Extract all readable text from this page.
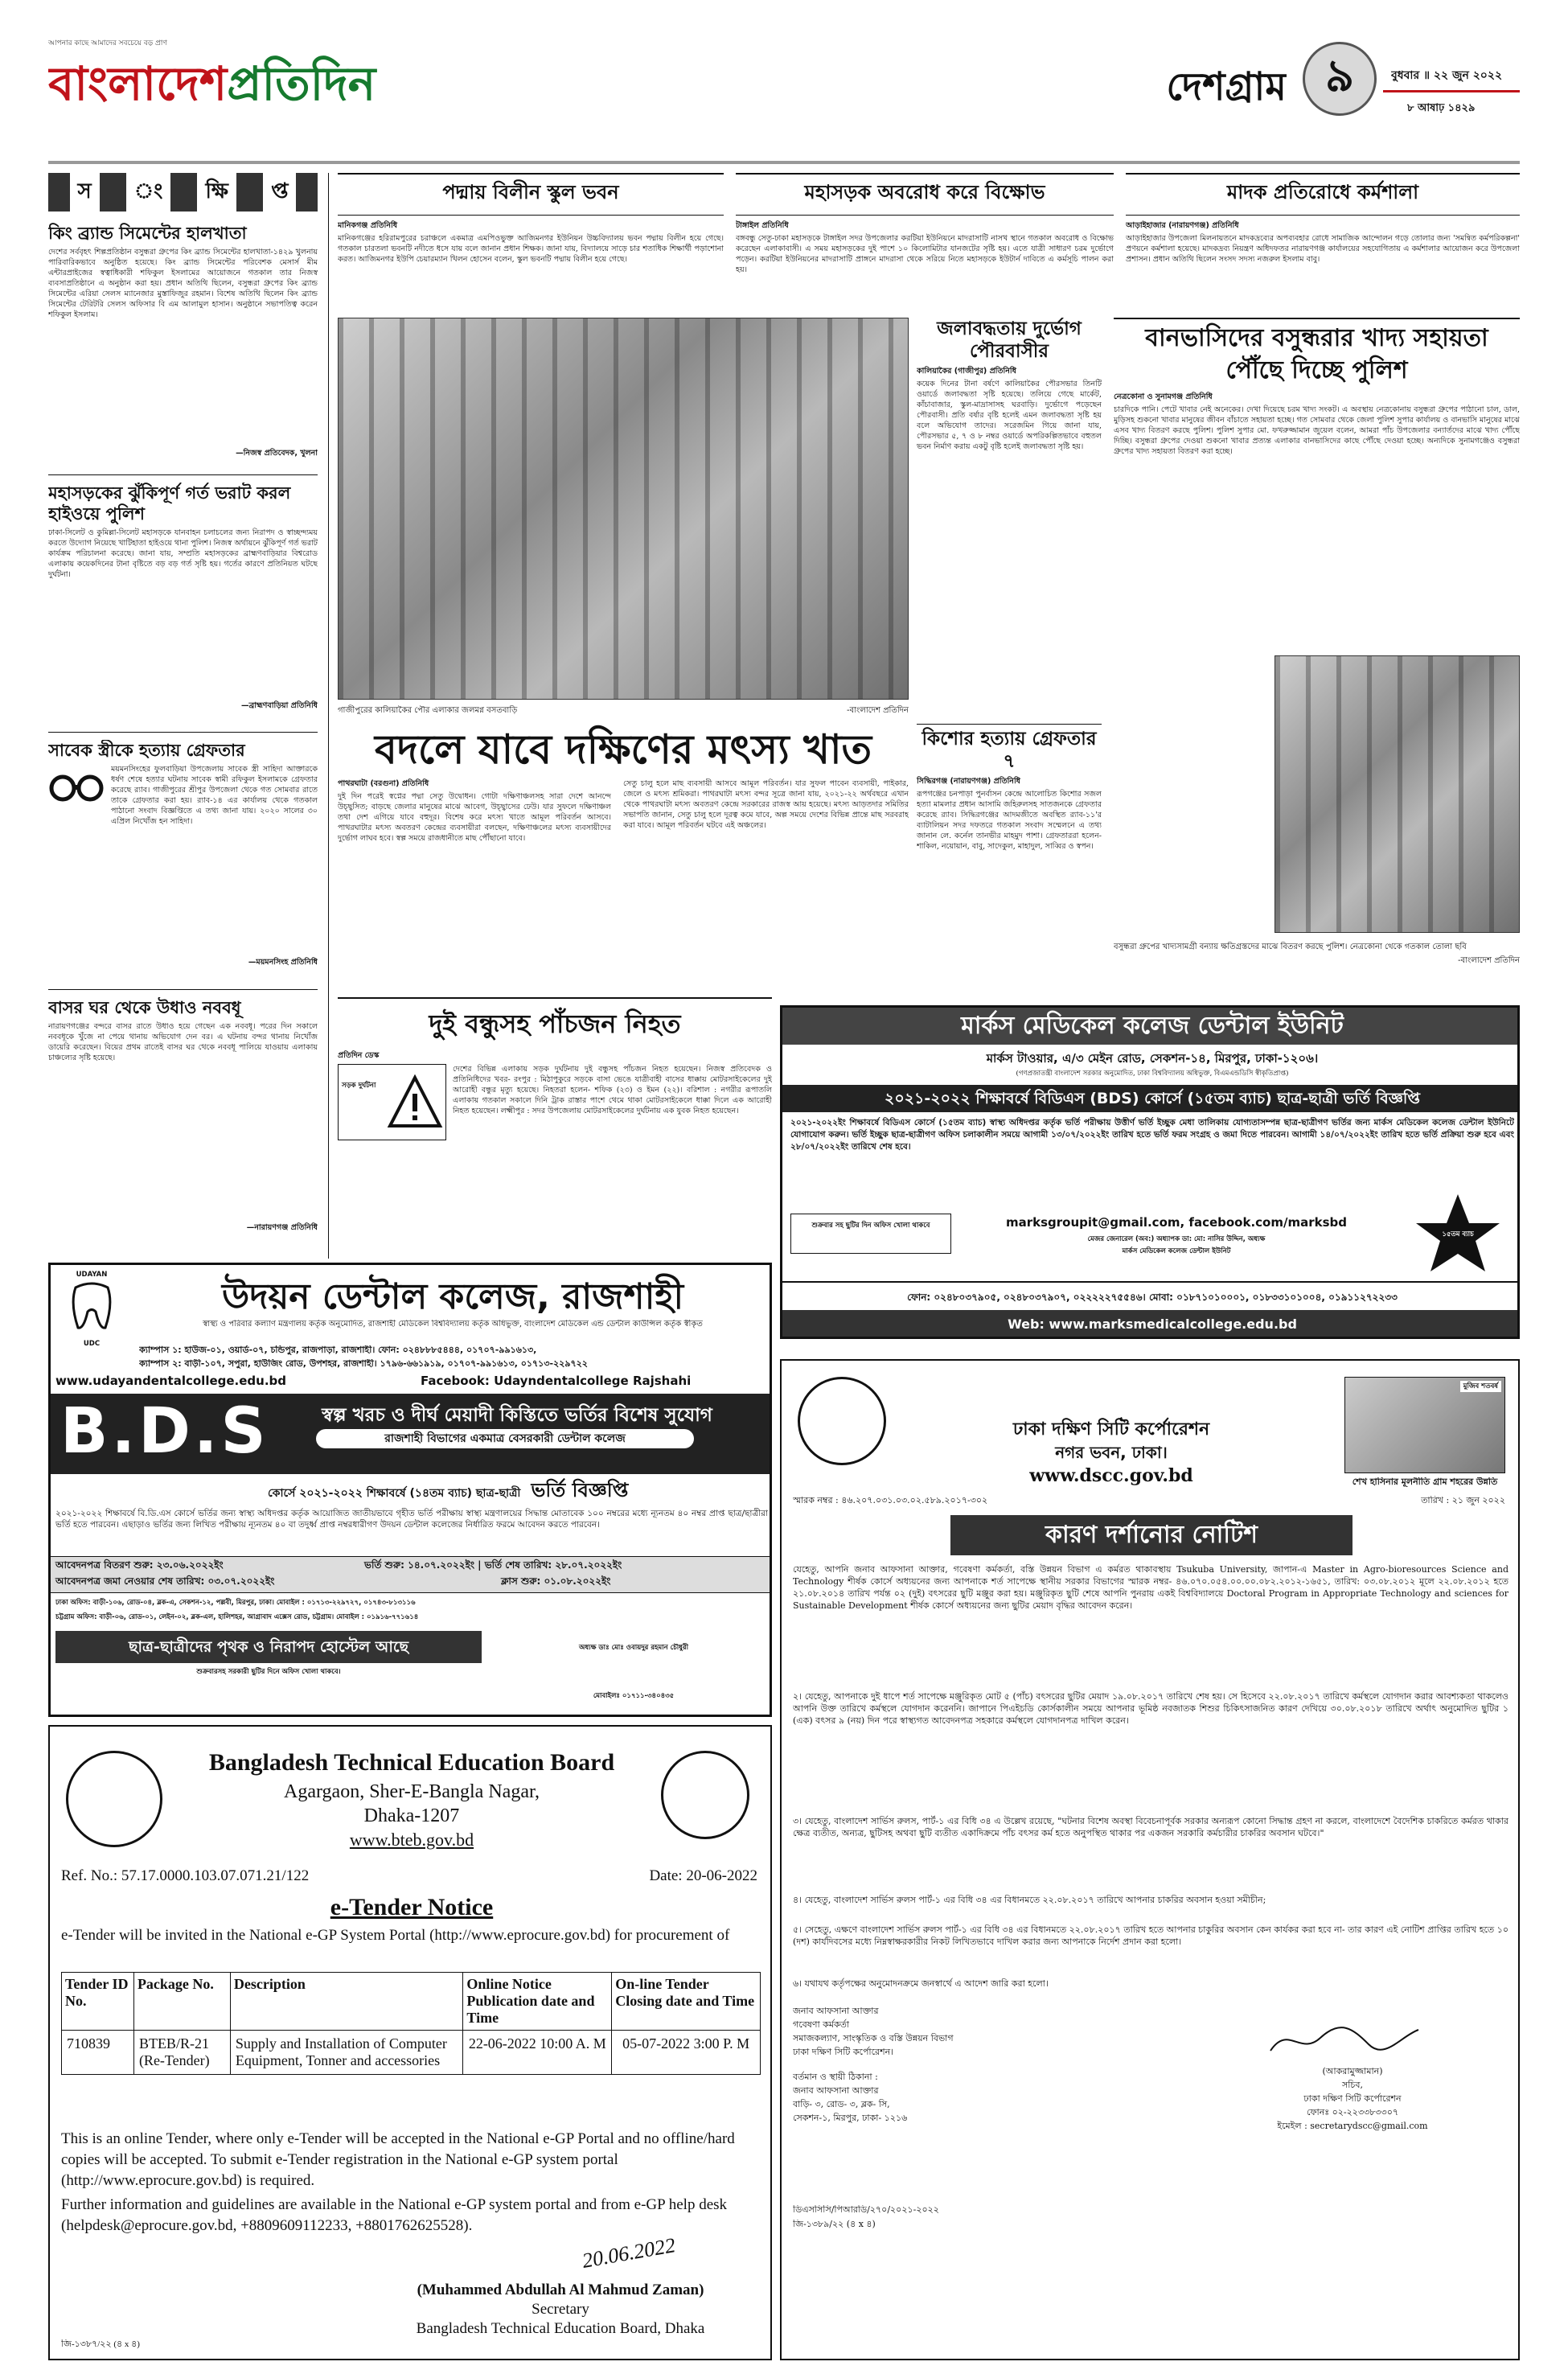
আপনার কাছে আমাদের সবচেয়ে বড় প্রাণ
বাংলাদেশপ্রতিদিন	দেশগ্রাম ৯	বুধবার ॥ ২২ জুন ২০২২
৮ আষাঢ় ১৪২৯
স	ং	ক্ষি	প্ত
কিং ব্র্যান্ড সিমেন্টের হালখাতা
দেশের সর্ববৃহৎ শিল্পপ্রতিষ্ঠান বসুন্ধরা গ্রুপের কিং ব্র্যান্ড সিমেন্টের হালখাতা-১৪২৯ খুলনায় পারিবারিকভাবে অনুষ্ঠিত হয়েছে। কিং ব্র্যান্ড সিমেন্টের পরিবেশক মেসার্স মীম এন্টারপ্রাইজের স্বত্বাধিকারী শফিকুল ইসলামের আয়োজনে গতকাল তার নিজস্ব ব্যবসাপ্রতিষ্ঠানে এ অনুষ্ঠান করা হয়। প্রধান অতিথি ছিলেন, বসুন্ধরা গ্রুপের কিং ব্র্যান্ড সিমেন্টের এরিয়া সেলস ম্যানেজার মুস্তাফিজুর রহমান। বিশেষ অতিথি ছিলেন কিং ব্র্যান্ড সিমেন্টের টেরিটরি সেলস অফিসার বি এম আলামুল হাসান। অনুষ্ঠানে সভাপতিত্ব করেন শফিকুল ইসলাম।
—নিজস্ব প্রতিবেদক, খুলনা
মহাসড়কের ঝুঁকিপূর্ণ গর্ত ভরাট করল হাইওয়ে পুলিশ
ঢাকা-সিলেট ও কুমিল্লা-সিলেট মহাসড়কে যানবাহন চলাচলের জন্য নিরাপদ ও স্বাচ্ছন্দ্যময় করতে উদ্যোগ নিয়েছে খাটিহাতা হাইওয়ে থানা পুলিশ। নিজস্ব অর্থায়নে ঝুঁকিপূর্ণ গর্ত ভরাট কার্যক্রম পরিচালনা করেছে। জানা যায়, সম্প্রতি মহাসড়কের ব্রাহ্মণবাড়িয়ার বিশ্বরোড এলাকায় কয়েকদিনের টানা বৃষ্টিতে বড় বড় গর্ত সৃষ্টি হয়। গর্তের কারণে প্রতিনিয়ত ঘটছে দুর্ঘটনা।
—ব্রাহ্মণবাড়িয়া প্রতিনিধি
সাবেক স্ত্রীকে হত্যায় গ্রেফতার
ময়মনসিংহের ফুলবাড়িয়া উপজেলায় সাবেক স্ত্রী সাহিদা আক্তারকে ধর্ষণ শেষে হত্যার ঘটনায় সাবেক স্বামী রফিকুল ইসলামকে গ্রেফতার করেছে র‌্যাব। গাজীপুরের শ্রীপুর উপজেলা থেকে গত সোমবার রাতে তাকে গ্রেফতার করা হয়। র‌্যাব-১৪ এর কার্যালয় থেকে গতকাল পাঠানো সংবাদ বিজ্ঞপ্তিতে এ তথ্য জানা যায়। ২০২০ সালের ৩০ এপ্রিল নিখোঁজ হন সাহিদা।
—ময়মনসিংহ প্রতিনিধি
বাসর ঘর থেকে উধাও নববধূ
নারায়ণগঞ্জের বন্দরে বাসর রাতে উধাও হয়ে গেছেন এক নববধূ। পরের দিন সকালে নববধূকে খুঁজে না পেয়ে থানায় অভিযোগ দেন বর। এ ঘটনায় বন্দর থানায় নিখোঁজ ডায়েরি করেছেন। বিয়ের প্রথম রাতেই বাসর ঘর থেকে নববধূ পালিয়ে যাওয়ায় এলাকায় চাঞ্চল্যের সৃষ্টি হয়েছে।
—নারায়ণগঞ্জ প্রতিনিধি
পদ্মায় বিলীন স্কুল ভবন
মানিকগঞ্জ প্রতিনিধি
মানিকগঞ্জের হরিরামপুরের চরাঞ্চলে একমাত্র এমপিওভুক্ত আজিমনগর ইউনিয়ন উচ্চবিদ্যালয় ভবন পদ্মায় বিলীন হয়ে গেছে। গতকাল চারতলা ভবনটি নদীতে ধসে যায় বলে জানান প্রধান শিক্ষক। জানা যায়, বিদ্যালয়ে সাড়ে চার শতাধিক শিক্ষার্থী পড়াশোনা করত। আজিমনগর ইউপি চেয়ারম্যান খিলন হোসেন বলেন, স্কুল ভবনটি পদ্মায় বিলীন হয়ে গেছে।
মহাসড়ক অবরোধ করে বিক্ষোভ
টাঙ্গাইল প্রতিনিধি
বঙ্গবন্ধু সেতু-ঢাকা মহাসড়কে টাঙ্গাইল সদর উপজেলার করটিয়া ইউনিয়নে মাদরাসাটি নাসখ স্থানে গতকাল অবরোধ ও বিক্ষোভ করেছেন এলাকাবাসী। এ সময় মহাসড়কের দুই পাশে ১০ কিলোমিটার যানজটের সৃষ্টি হয়। এতে যাত্রী সাধারণ চরম দুর্ভোগে পড়েন। করটিয়া ইউনিয়নের মাদরাসাটি প্রাঙ্গনে মাদরাসা থেকে সরিয়ে নিতে মহাসড়কে ইউটার্ন দাবিতে এ কর্মসূচি পালন করা হয়।
মাদক প্রতিরোধে কর্মশালা
আড়াইহাজার (নারায়ণগঞ্জ) প্রতিনিধি
আড়াইহাজার উপজেলা মিলনায়তনে মাদকদ্রব্যের অপব্যবহার রোধে সামাজিক আন্দোলন গড়ে তোলার জন্য 'সমন্বিত কর্মপরিকল্পনা' প্রণয়নে কর্মশালা হয়েছে। মাদকদ্রব্য নিয়ন্ত্রণ অধিদফতর নারায়ণগঞ্জ কার্যালয়ের সহযোগিতায় এ কর্মশালার আয়োজন করে উপজেলা প্রশাসন। প্রধান অতিথি ছিলেন সংসদ সদস্য নজরুল ইসলাম বাবু।
গাজীপুরের কালিয়াকৈর পৌর এলাকার জলমগ্ন বসতবাড়ি	-বাংলাদেশ প্রতিদিন
জলাবদ্ধতায় দুর্ভোগ পৌরবাসীর
কালিয়াকৈর (গাজীপুর) প্রতিনিধি
কয়েক দিনের টানা বর্ষণে কালিয়াকৈর পৌরসভার তিনটি ওয়ার্ডে জলাবদ্ধতা সৃষ্টি হয়েছে। তলিয়ে গেছে মার্কেট, কাঁচাবাজার, স্কুল-মাদ্রাসাসহ ঘরবাড়ি। দুর্ভোগে পড়েছেন পৌরবাসী। প্রতি বর্ষার বৃষ্টি হলেই এমন জলাবদ্ধতা সৃষ্টি হয় বলে অভিযোগ তাদের। সরেজমিন গিয়ে জানা যায়, পৌরসভার ৫, ৭ ও ৮ নম্বর ওয়ার্ডে অপরিকল্পিতভাবে বহুতল ভবন নির্মাণ করায় একটু বৃষ্টি হলেই জলাবদ্ধতা সৃষ্টি হয়।
কিশোর হত্যায় গ্রেফতার ৭
সিদ্ধিরগঞ্জ (নারায়ণগঞ্জ) প্রতিনিধি
রূপগঞ্জের চনপাড়া পুনর্বাসন কেন্দ্রে আলোচিত কিশোর সজল হত্যা মামলার প্রধান আসামি জহিরুলসহ সাতজনকে গ্রেফতার করেছে র‌্যাব। সিদ্ধিরগঞ্জের আদমজীতে অবস্থিত র‌্যাব-১১'র ব্যাটালিয়ন সদর দফতরে গতকাল সংবাদ সম্মেলনে এ তথ্য জানান লে. কর্নেল তানভীর মাহমুদ পাশা। গ্রেফতাররা হলেন- শাকিল, নয়োয়ান, বাবু, সাদেকুল, মাহাদুল, সাব্বির ও স্বপন।
বদলে যাবে দক্ষিণের মৎস্য খাত
পাথরঘাটা (বরগুনা) প্রতিনিধি
দুই দিন পরেই স্বপ্নের পদ্মা সেতু উদ্বোধন। গোটা দক্ষিণাঞ্চলসহ সারা দেশে আনন্দে উচ্ছ্বসিত; বাড়ছে জেলার মানুষের মাঝে আবেগ, উচ্ছ্বাসের ঢেউ। যার সুফলে দক্ষিণাঞ্চল তথা দেশ এগিয়ে যাবে বহুদূর। বিশেষ করে মৎস্য খাতে আমূল পরিবর্তন আসবে। পাথরঘাটার মৎস্য অবতরণ কেন্দ্রের ব্যবসায়ীরা বলছেন, দক্ষিণাঞ্চলের মৎস্য ব্যবসায়ীদের দুর্ভোগ লাঘব হবে। স্বল্প সময়ে রাজধানীতে মাছ পৌঁছানো যাবে।
সেতু চালু হলে মাছ ব্যবসায়ী আসবে আমূল পরিবর্তন। যার সুফল পাবেন ব্যবসায়ী, পাইকার, জেলে ও মৎস্য শ্রমিকরা। পাথরঘাটা মৎস্য বন্দর সূত্রে জানা যায়, ২০২১-২২ অর্থবছরে এখান থেকে পাথরঘাটা মৎস্য অবতরণ কেন্দ্রে সরকারের রাজস্ব আয় হয়েছে। মৎস্য আড়তদার সমিতির সভাপতি জানান, সেতু চালু হলে দূরত্ব কমে যাবে, অল্প সময়ে দেশের বিভিন্ন প্রান্তে মাছ সরবরাহ করা যাবে। আমূল পরিবর্তন ঘটবে এই অঞ্চলের।
দুই বন্ধুসহ পাঁচজন নিহত
প্রতিদিন ডেস্ক
সড়ক দুর্ঘটনা
দেশের বিভিন্ন এলাকায় সড়ক দুর্ঘটনায় দুই বন্ধুসহ পাঁচজন নিহত হয়েছেন। নিজস্ব প্রতিবেদক ও প্রতিনিধিদের খবর- রংপুর : মিঠাপুকুরে সড়কে বাসা ভেঙে যাত্রীবাহী বাসের ধাক্কায় মোটরসাইকেলের দুই আরোহী বন্ধুর মৃত্যু হয়েছে। নিহতরা হলেন- শফিক (২৩) ও ইমন (২২)। বরিশাল : নগরীর রূপাতলি এলাকায় গতকাল সকালে দিনি ট্রাক রাস্তার পাশে থেমে থাকা মোটরসাইকেলে ধাক্কা দিলে এক আরোহী নিহত হয়েছেন। লক্ষ্মীপুর : সদর উপজেলায় মোটরসাইকেলের দুর্ঘটনায় এক যুবক নিহত হয়েছেন।
বানভাসিদের বসুন্ধরার খাদ্য সহায়তা পৌঁছে দিচ্ছে পুলিশ
নেত্রকোনা ও সুনামগঞ্জ প্রতিনিধি
চারদিকে পানি। পেটে খাবার নেই অনেকের। দেখা দিয়েছে চরম খাদ্য সংকট। এ অবস্থায় নেত্রকোনায় বসুন্ধরা গ্রুপের পাঠানো চাল, ডাল, মুড়িসহ শুকনো খাবার মানুষের জীবন বাঁচাতে সহায়তা হচ্ছে। গত সোমবার থেকে জেলা পুলিশ সুপার কার্যালয় ও বানভাসি মানুষের মাঝে এসব খাদ্য বিতরণ করছে পুলিশ। পুলিশ সুপার মো. ফখরুজ্জামান জুয়েল বলেন, আমরা পাঁচ উপজেলার বন্যার্তদের মাঝে খাদ্য পৌঁছে দিচ্ছি। বসুন্ধরা গ্রুপের দেওয়া শুকনো খাবার প্রত্যন্ত এলাকার বানভাসিদের কাছে পৌঁছে দেওয়া হচ্ছে। অন্যদিকে সুনামগঞ্জেও বসুন্ধরা গ্রুপের খাদ্য সহায়তা বিতরণ করা হচ্ছে।
বসুন্ধরা গ্রুপের খাদ্যসামগ্রী বন্যায় ক্ষতিগ্রস্তদের মাঝে বিতরণ করছে পুলিশ। নেত্রকোনা থেকে গতকাল তোলা ছবি
-বাংলাদেশ প্রতিদিন
মার্কস মেডিকেল কলেজ ডেন্টাল ইউনিট
মার্কস টাওয়ার, এ/৩ মেইন রোড, সেকশন-১৪, মিরপুর, ঢাকা-১২০৬।
(গণপ্রজাতন্ত্রী বাংলাদেশ সরকার অনুমোদিত, ঢাকা বিশ্ববিদ্যালয় অধিভুক্ত, বিএমএন্ডডিসি স্বীকৃতিপ্রাপ্ত)
২০২১-২০২২ শিক্ষাবর্ষে বিডিএস (BDS) কোর্সে (১৫তম ব্যাচ) ছাত্র-ছাত্রী ভর্তি বিজ্ঞপ্তি
২০২১-২০২২ইং শিক্ষাবর্ষে বিডিএস কোর্সে (১৫তম ব্যাচ) স্বাস্থ্য অধিদপ্তর কর্তৃক ভর্তি পরীক্ষায় উত্তীর্ণ ভর্তি ইচ্ছুক মেধা তালিকায় যোগ্যতাসম্পন্ন ছাত্র-ছাত্রীগণ ভর্তির জন্য মার্কস মেডিকেল কলেজ ডেন্টাল ইউনিটে যোগাযোগ করুন। ভর্তি ইচ্ছুক ছাত্র-ছাত্রীগণ অফিস চলাকালীন সময়ে আগামী ১৩/০৭/২০২২ইং তারিখ হতে ভর্তি ফরম সংগ্রহ ও জমা দিতে পারবেন। আগামী ১৪/০৭/২০২২ইং তারিখ হতে ভর্তি প্রক্রিয়া শুরু হবে এবং ২৮/০৭/২০২২ইং তারিখে শেষ হবে।
শুক্রবার সহ ছুটির দিন অফিস খোলা থাকবে	marksgroupit@gmail.com, facebook.com/marksbd
মেজর জেনারেল (অব:) অধ্যাপক ডা: মো: নাসির উদ্দিন, অধ্যক্ষ
মার্কস মেডিকেল কলেজ ডেন্টাল ইউনিট
১৫তম ব্যাচ
ফোন: ০২৪৮০৩৭৯০৫, ০২৪৮০৩৭৯০৭, ০২২২২২৭৫৫৪৬। মোবা: ০১৮৭১০১০০০১, ০১৮৩৩১০১০০৪, ০১৯১১২৭২২৩৩
Web: www.marksmedicalcollege.edu.bd
UDAYAN
UDC
উদয়ন ডেন্টাল কলেজ, রাজশাহী
স্বাস্থ্য ও পরিবার কল্যাণ মন্ত্রণালয় কর্তৃক অনুমোদিত, রাজশাহী মেডিকেল বিশ্ববিদ্যালয় কর্তৃক অধিভুক্ত, বাংলাদেশ মেডিকেল এন্ড ডেন্টাল কাউন্সিল কর্তৃক স্বীকৃত
ক্যাম্পাস ১: হাউজ-০১, ওয়ার্ড-০৭, চন্ডিপুর, রাজপাড়া, রাজশাহী। ফোন: ০২৪৮৮৮৫৪৪৪, ০১৭০৭-৯৯১৬১৩,
ক্যাম্পাস ২: বাড়ী-১০৭, সপুরা, হাউজিং রোড, উপশহর, রাজশাহী। ১৭৯৬-৬৬১৯১৯, ০১৭০৭-৯৯১৬১৩, ০১৭১৩-২২৯৭২২
www.udayandentalcollege.edu.bd	Facebook: Udayndentalcollege Rajshahi
B.D.S	স্বল্প খরচ ও দীর্ঘ মেয়াদী কিস্তিতে ভর্তির বিশেষ সুযোগ
রাজশাহী বিভাগের একমাত্র বেসরকারী ডেন্টাল কলেজ
কোর্সে ২০২১-২০২২ শিক্ষাবর্ষে (১৪তম ব্যাচ) ছাত্র-ছাত্রী ভর্তি বিজ্ঞপ্তি
২০২১-২০২২ শিক্ষাবর্ষে বি.ডি.এস কোর্সে ভর্তির জন্য স্বাস্থ্য অধিদপ্তর কর্তৃক আয়োজিত জাতীয়ভাবে গৃহীত ভর্তি পরীক্ষায় স্বাস্থ্য মন্ত্রণালয়ের সিদ্ধান্ত মোতাবেক ১০০ নম্বরের মধ্যে ন্যূনতম ৪০ নম্বর প্রাপ্ত ছাত্র/ছাত্রীরা ভর্তি হতে পারবেন। এছাড়াও ভর্তির জন্য লিখিত পরীক্ষায় ন্যূনতম ৪০ বা তদুর্ধ্ব প্রাপ্ত নম্বরধারীগণ উদয়ন ডেন্টাল কলেজের নির্ধারিত ফরমে আবেদন করতে পারবেন।
আবেদনপত্র বিতরণ শুরু: ২৩.০৬.২০২২ইং	ভর্তি শুরু: ১৪.০৭.২০২২ইং | ভর্তি শেষ তারিখ: ২৮.০৭.২০২২ইং
আবেদনপত্র জমা নেওয়ার শেষ তারিখ: ০৩.০৭.২০২২ইং	ক্লাস শুরু: ০১.০৮.২০২২ইং
ঢাকা অফিস: বাড়ী-১০৬, রোড-০৪, ব্লক-এ, সেকশন-১২, পল্লবী, মিরপুর, ঢাকা। মোবাইল : ০১৭১৩-২২৯৭২৭, ০১৭৪৩-৮১৩১১৬
চট্টগ্রাম অফিস: বাড়ী-০৬, রোড-০১, লেইন-০২, ব্লক-এল, হালিশহর, আগ্রাবাদ এক্সেস রোড, চট্টগ্রাম। মোবাইল : ০১৯১৬-৭৭১৬১৪
ছাত্র-ছাত্রীদের পৃথক ও নিরাপদ হোস্টেল আছে
শুক্রবারসহ সরকারী ছুটির দিনে অফিস খোলা থাকবে।
অধ্যক্ষ ডাঃ মোঃ ওবায়দুর রহমান চৌধুরী
মোবাইলঃ ০১৭১১-৩৪০৪৩৫
Bangladesh Technical Education Board
Agargaon, Sher-E-Bangla Nagar,
Dhaka-1207
www.bteb.gov.bd
Ref. No.: 57.17.0000.103.07.071.21/122	Date: 20-06-2022
e-Tender Notice
e-Tender will be invited in the National e-GP System Portal (http://www.eprocure.gov.bd) for procurement of
Tender ID No.	Package No.	Description	Online Notice Publication date and Time	On-line Tender Closing date and Time
710839	BTEB/R-21 (Re-Tender)	Supply and Installation of Computer Equipment, Tonner and accessories	22-06-2022 10:00 A. M	05-07-2022 3:00 P. M
This is an online Tender, where only e-Tender will be accepted in the National e-GP Portal and no offline/hard copies will be accepted. To submit e-Tender registration in the National e-GP system portal (http://www.eprocure.gov.bd) is required.
Further information and guidelines are available in the National e-GP system portal and from e-GP help desk (helpdesk@eprocure.gov.bd, +8809609112233, +8801762625528).
20.06.2022
(Muhammed Abdullah Al Mahmud Zaman)
Secretary
Bangladesh Technical Education Board, Dhaka
জি-১৩৮৭/২২ (৪ x ৪)
ঢাকা দক্ষিণ সিটি কর্পোরেশন
নগর ভবন, ঢাকা।
www.dscc.gov.bd
মুজিব শতবর্ষ
শেখ হাসিনার মূলনীতি গ্রাম শহরের উন্নতি
স্মারক নম্বর : ৪৬.২০৭.০৩১.০৩.০২.৫৮৯.২০১৭-৩০২	তারিখ : ২১ জুন ২০২২
কারণ দর্শানোর নোটিশ
যেহেতু, আপনি জনাব আফসানা আক্তার, গবেষণা কর্মকর্তা, বস্তি উন্নয়ন বিভাগ এ কর্মরত থাকাবস্থায় Tsukuba University, জাপান-এ Master in Agro-bioresources Science and Technology শীর্ষক কোর্সে অধ্যয়নের জন্য আপনাকে শর্ত সাপেক্ষে স্থানীয় সরকার বিভাগের স্মারক নম্বর- ৪৬.০৭০.০৫৪.০০.০০.০৮২.২০১২-১৬৫১, তারিখ: ০৩.০৮.২০১২ মূলে ২২.০৮.২০১২ হতে ২১.০৮.২০১৪ তারিখ পর্যন্ত ০২ (দুই) বৎসরের ছুটি মঞ্জুর করা হয়। মঞ্জুরিকৃত ছুটি শেষে আপনি পুনরায় একই বিশ্ববিদ্যালয়ে Doctoral Program in Appropriate Technology and sciences for Sustainable Development শীর্ষক কোর্সে অধ্যয়নের জন্য ছুটির মেয়াদ বৃদ্ধির আবেদন করেন।
২। যেহেতু, আপনাকে দুই ধাপে শর্ত সাপেক্ষে মঞ্জুরিকৃত মোট ৫ (পাঁচ) বৎসরের ছুটির মেয়াদ ১৯.০৮.২০১৭ তারিখে শেষ হয়। সে হিসেবে ২২.০৮.২০১৭ তারিখে কর্মস্থলে যোগদান করার আবশ্যকতা থাকলেও আপনি উক্ত তারিখে কর্মস্থলে যোগদান করেননি। জাপানে পিএইচডি কোর্সকালীন সময়ে আপনার ভূমিষ্ঠ নবজাতক শিশুর চিকিৎসাজনিত কারণ দেখিয়ে ৩০.০৮.২০১৮ তারিখে অর্থাৎ অনুমোদিত ছুটির ১ (এক) বৎসর ৯ (নয়) দিন পরে স্বাস্থ্যগত আবেদনপত্র সহকারে কর্মস্থলে যোগদানপত্র দাখিল করেন।
৩। যেহেতু, বাংলাদেশ সার্ভিস রুলস, পার্ট-১ এর বিধি ৩৪ এ উল্লেখ রয়েছে, "ঘটনার বিশেষ অবস্থা বিবেচনাপূর্বক সরকার অন্যরূপ কোনো সিদ্ধান্ত গ্রহণ না করলে, বাংলাদেশে বৈদেশিক চাকরিতে কর্মরত থাকার ক্ষেত্র ব্যতীত, অন্যত্র, ছুটিসহ অথবা ছুটি ব্যতীত একাদিক্রমে পাঁচ বৎসর কর্ম হতে অনুপস্থিত থাকার পর একজন সরকারি কর্মচারীর চাকরির অবসান ঘটবে।"
৪। যেহেতু, বাংলাদেশ সার্ভিস রুলস পার্ট-১ এর বিধি ৩৪ এর বিধানমতে ২২.০৮.২০১৭ তারিখে আপনার চাকরির অবসান হওয়া সমীচীন;
৫। সেহেতু, এক্ষণে বাংলাদেশ সার্ভিস রুলস পার্ট-১ এর বিধি ৩৪ এর বিধানমতে ২২.০৮.২০১৭ তারিখ হতে আপনার চাকুরির অবসান কেন কার্যকর করা হবে না- তার কারণ এই নোটিশ প্রাপ্তির তারিখ হতে ১০ (দশ) কার্যদিবসের মধ্যে নিম্নস্বাক্ষরকারীর নিকট লিখিতভাবে দাখিল করার জন্য আপনাকে নির্দেশ প্রদান করা হলো।
৬। যথাযথ কর্তৃপক্ষের অনুমোদনক্রমে জনস্বার্থে এ আদেশ জারি করা হলো।
জনাব আফসানা আক্তার
গবেষণা কর্মকর্তা
সমাজকল্যাণ, সাংস্কৃতিক ও বস্তি উন্নয়ন বিভাগ
ঢাকা দক্ষিণ সিটি কর্পোরেশন।
বর্তমান ও স্থায়ী ঠিকানা :
জনাব আফসানা আক্তার
বাড়ি- ৩, রোড- ৩, ব্লক- সি,
সেকশন-১, মিরপুর, ঢাকা- ১২১৬
(আকরামুজ্জামান)
সচিব,
ঢাকা দক্ষিণ সিটি কর্পোরেশন
ফোনঃ ০২-২২৩৩৮৩৩০৭
ইমেইল : secretarydscc@gmail.com
ডিএসসিসি/পিআরডি/২৭০/২০২১-২০২২
জি-১৩৮৯/২২ (৪ x ৪)
